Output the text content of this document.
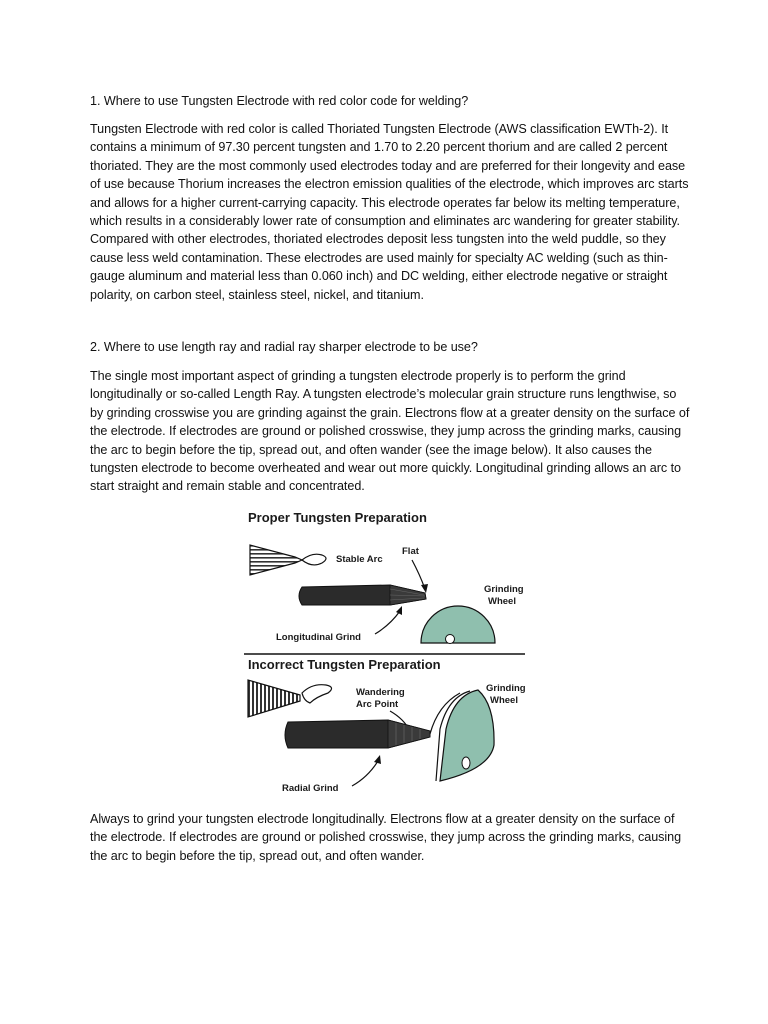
1. Where to use Tungsten Electrode with red color code for welding?
Tungsten Electrode with red color is called Thoriated Tungsten Electrode (AWS classification EWTh-2). It contains a minimum of 97.30 percent tungsten and 1.70 to 2.20 percent thorium and are called 2 percent thoriated. They are the most commonly used electrodes today and are preferred for their longevity and ease of use because Thorium increases the electron emission qualities of the electrode, which improves arc starts and allows for a higher current-carrying capacity. This electrode operates far below its melting temperature, which results in a considerably lower rate of consumption and eliminates arc wandering for greater stability. Compared with other electrodes, thoriated electrodes deposit less tungsten into the weld puddle, so they cause less weld contamination. These electrodes are used mainly for specialty AC welding (such as thin-gauge aluminum and material less than 0.060 inch) and DC welding, either electrode negative or straight polarity, on carbon steel, stainless steel, nickel, and titanium.
2. Where to use length ray and radial ray sharper electrode to be use?
The single most important aspect of grinding a tungsten electrode properly is to perform the grind longitudinally or so-called Length Ray. A tungsten electrode’s molecular grain structure runs lengthwise, so by grinding crosswise you are grinding against the grain. Electrons flow at a greater density on the surface of the electrode. If electrodes are ground or polished crosswise, they jump across the grinding marks, causing the arc to begin before the tip, spread out, and often wander (see the image below). It also causes the tungsten electrode to become overheated and wear out more quickly. Longitudinal grinding allows an arc to start straight and remain stable and concentrated.
Proper Tungsten Preparation
Stable Arc
Flat
Grinding
Wheel
Longitudinal Grind
Incorrect Tungsten Preparation
Wandering
Arc Point
Grinding
Wheel
Radial Grind
Always to grind your tungsten electrode longitudinally. Electrons flow at a greater density on the surface of the electrode. If electrodes are ground or polished crosswise, they jump across the grinding marks, causing the arc to begin before the tip, spread out, and often wander.
